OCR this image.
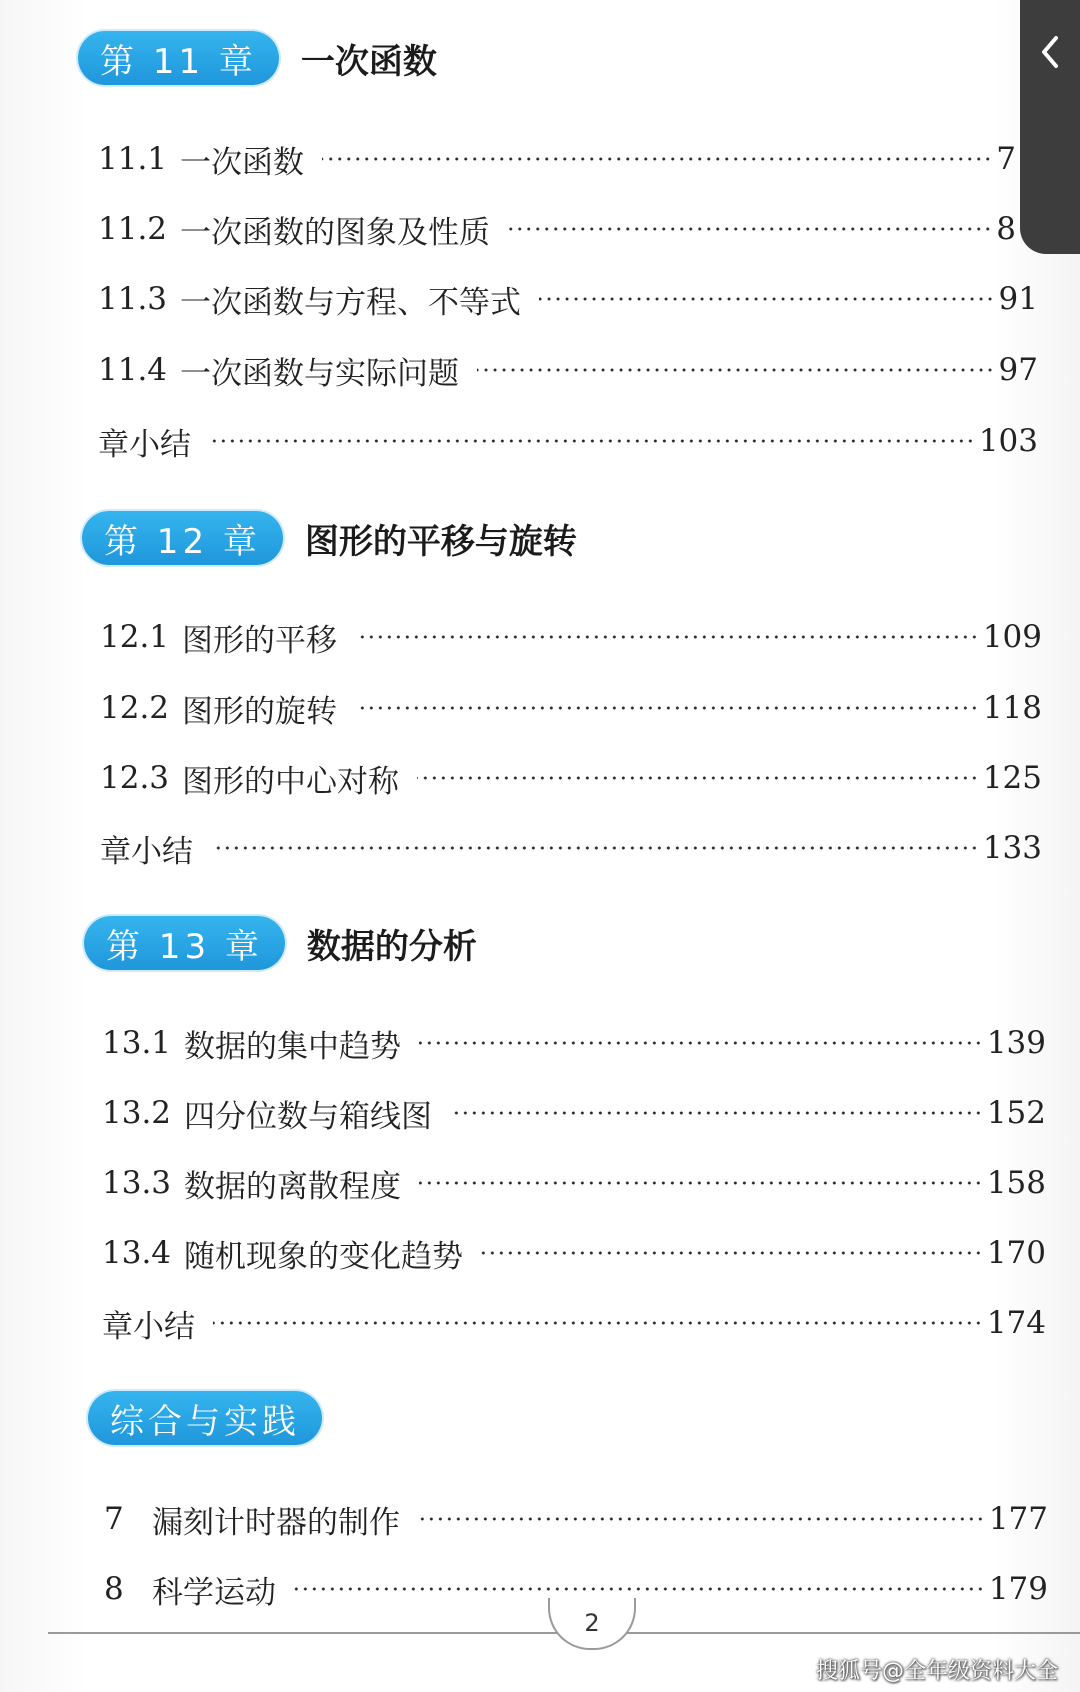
第 11 章	一次函数
11.1 一次函数	7
11.2 一次函数的图象及性质	8
11.3 一次函数与方程、不等式	91
11.4 一次函数与实际问题	97
章小结	103
第 12 章	图形的平移与旋转
12.1 图形的平移	109
12.2 图形的旋转	118
12.3 图形的中心对称	125
章小结	133
第 13 章	数据的分析
13.1 数据的集中趋势	139
13.2 四分位数与箱线图	152
13.3 数据的离散程度	158
13.4 随机现象的变化趋势	170
章小结	174
综合与实践
7 漏刻计时器的制作	177
8 科学运动	179
2
搜狐号@全年级资料大全
